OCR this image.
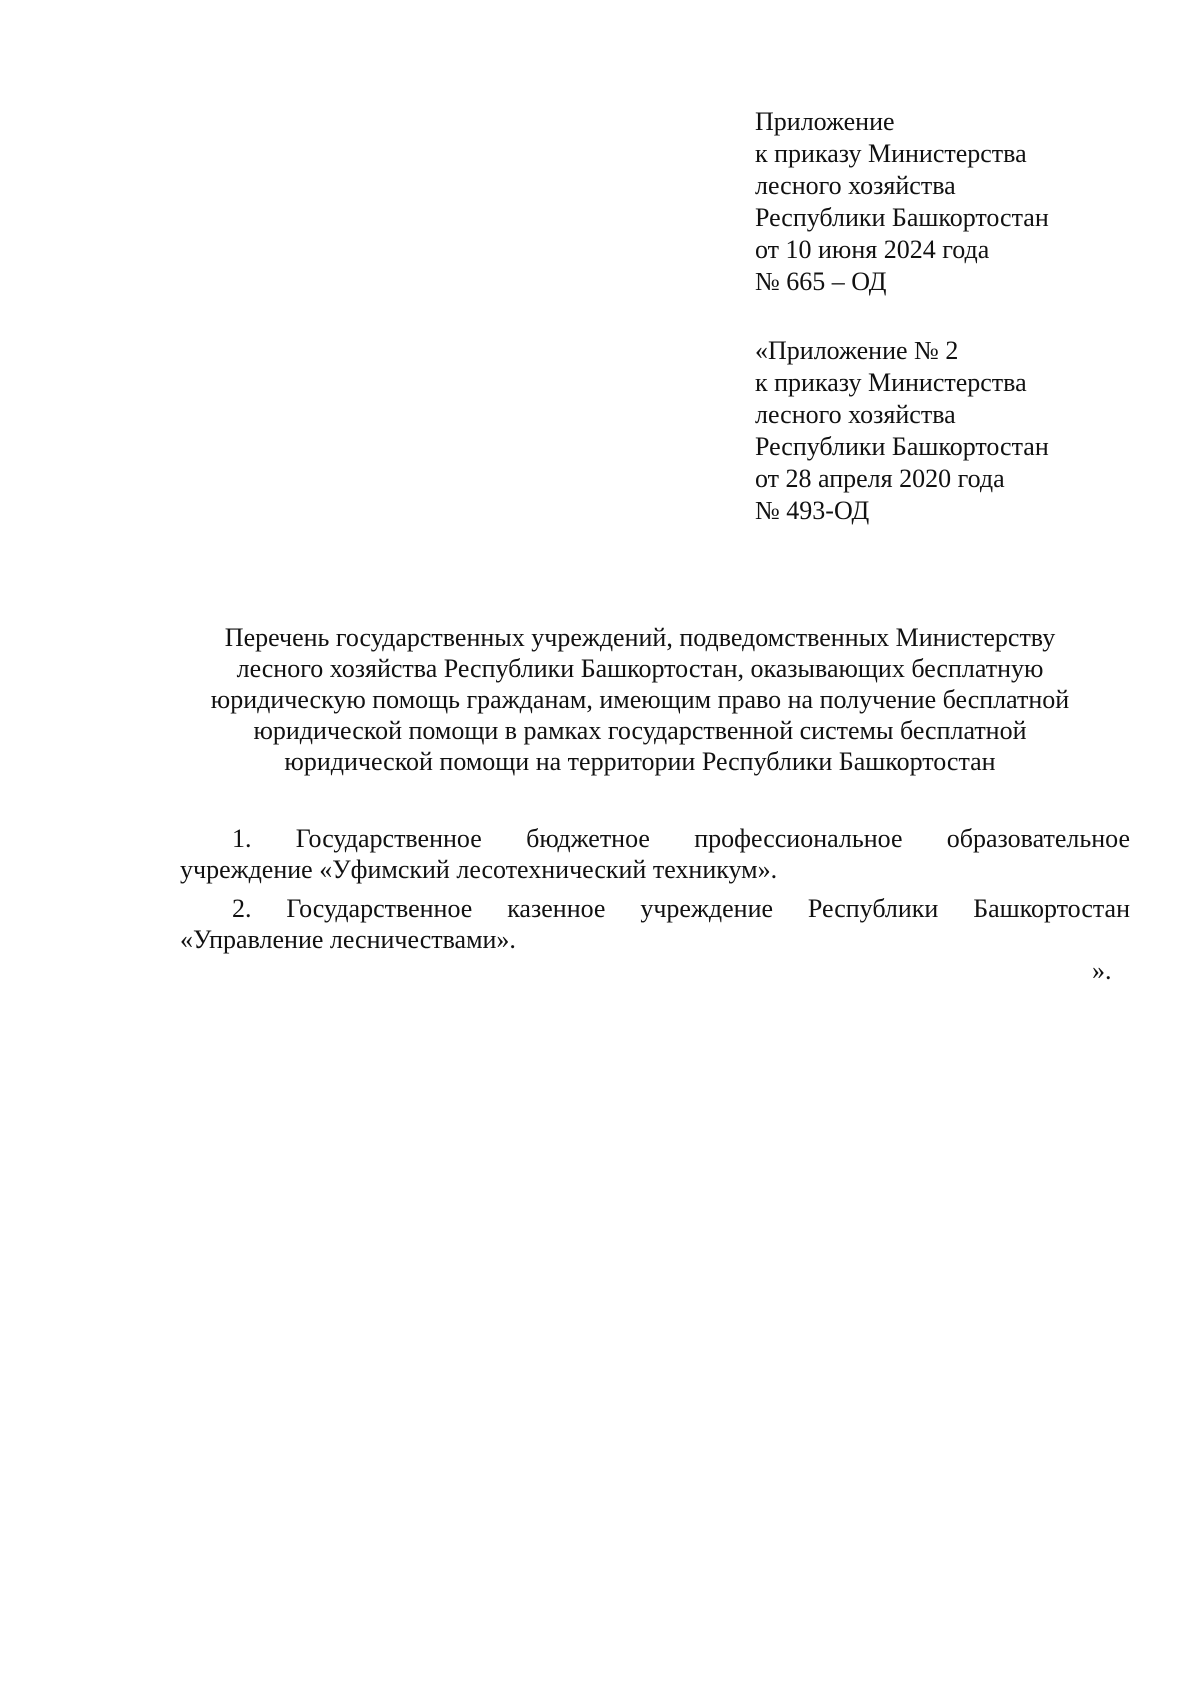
Приложение
к приказу Министерства
лесного хозяйства
Республики Башкортостан
от 10 июня 2024 года
№ 665 – ОД
«Приложение № 2
к приказу Министерства
лесного хозяйства
Республики Башкортостан
от 28 апреля 2020 года
№ 493-ОД
Перечень государственных учреждений, подведомственных Министерству
лесного хозяйства Республики Башкортостан, оказывающих бесплатную
юридическую помощь гражданам, имеющим право на получение бесплатной
юридической помощи в рамках государственной системы бесплатной
юридической помощи на территории Республики Башкортостан
1. Государственное бюджетное профессиональное образовательное
учреждение «Уфимский лесотехнический техникум».
2. Государственное казенное учреждение Республики Башкортостан
«Управление лесничествами».
».
